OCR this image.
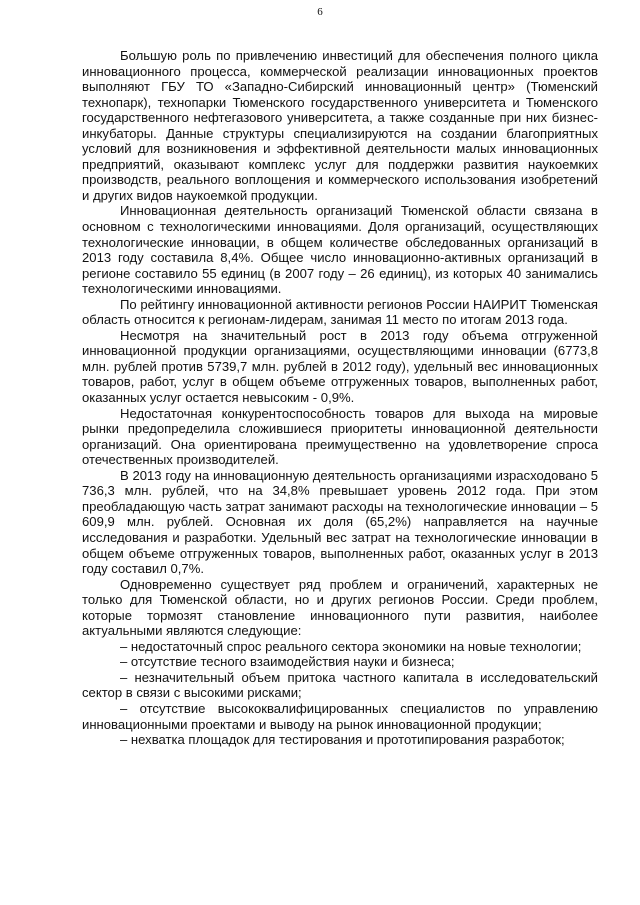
6

Большую роль по привлечению инвестиций для обеспечения полного цикла инновационного процесса, коммерческой реализации инновационных проектов выполняют ГБУ ТО «Западно-Сибирский инновационный центр» (Тюменский технопарк), технопарки Тюменского государственного университета и Тюменского государственного нефтегазового университета, а также созданные при них бизнес-инкубаторы. Данные структуры специализируются на создании благоприятных условий для возникновения и эффективной деятельности малых инновационных предприятий, оказывают комплекс услуг для поддержки развития наукоемких производств, реального воплощения и коммерческого использования изобретений и других видов наукоемкой продукции.

Инновационная деятельность организаций Тюменской области связана в основном с технологическими инновациями. Доля организаций, осуществляющих технологические инновации, в общем количестве обследованных организаций в 2013 году составила 8,4%. Общее число инновационно-активных организаций в регионе составило 55 единиц (в 2007 году – 26 единиц), из которых 40 занимались технологическими инновациями.

По рейтингу инновационной активности регионов России НАИРИТ Тюменская область относится к регионам-лидерам, занимая 11 место по итогам 2013 года.

Несмотря на значительный рост в 2013 году объема отгруженной инновационной продукции организациями, осуществляющими инновации (6773,8 млн. рублей против 5739,7 млн. рублей в 2012 году), удельный вес инновационных товаров, работ, услуг в общем объеме отгруженных товаров, выполненных работ, оказанных услуг остается невысоким - 0,9%.

Недостаточная конкурентоспособность товаров для выхода на мировые рынки предопределила сложившиеся приоритеты инновационной деятельности организаций. Она ориентирована преимущественно на удовлетворение спроса отечественных производителей.

В 2013 году на инновационную деятельность организациями израсходовано 5 736,3 млн. рублей, что на 34,8% превышает уровень 2012 года. При этом преобладающую часть затрат занимают расходы на технологические инновации – 5 609,9 млн. рублей. Основная их доля (65,2%) направляется на научные исследования и разработки. Удельный вес затрат на технологические инновации в общем объеме отгруженных товаров, выполненных работ, оказанных услуг в 2013 году составил 0,7%.

Одновременно существует ряд проблем и ограничений, характерных не только для Тюменской области, но и других регионов России. Среди проблем, которые тормозят становление инновационного пути развития, наиболее актуальными являются следующие:

– недостаточный спрос реального сектора экономики на новые технологии;

– отсутствие тесного взаимодействия науки и бизнеса;

– незначительный объем притока частного капитала в исследовательский сектор в связи с высокими рисками;

– отсутствие высококвалифицированных специалистов по управлению инновационными проектами и выводу на рынок инновационной продукции;

– нехватка площадок для тестирования и прототипирования разработок;
